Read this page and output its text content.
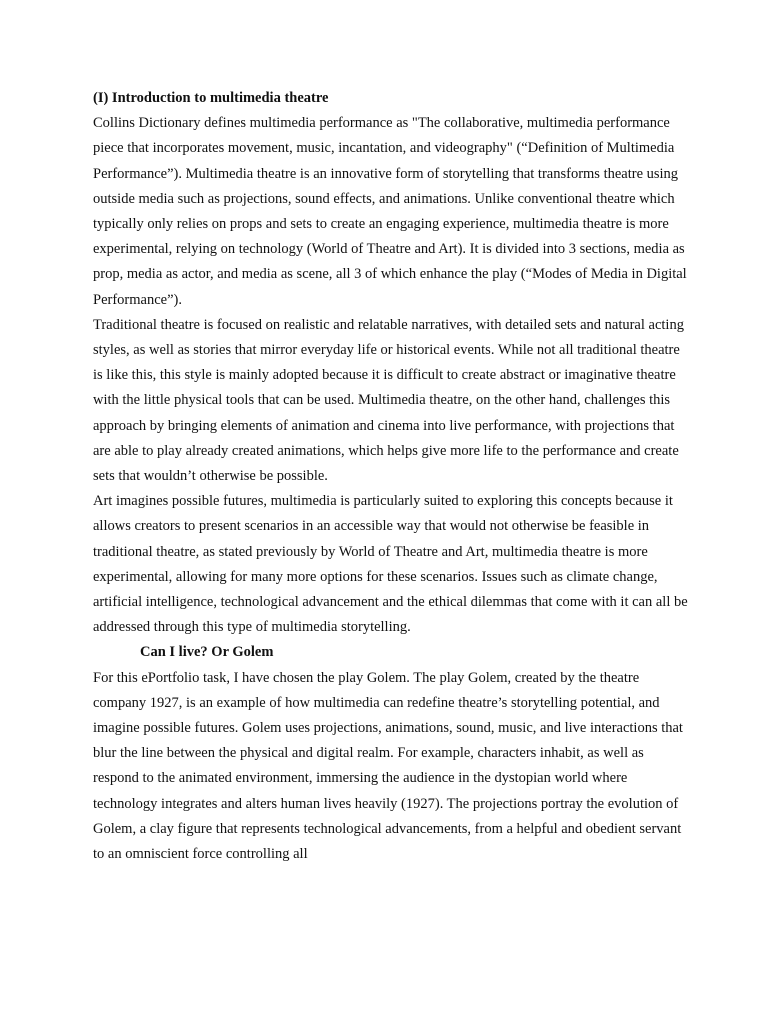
(I) Introduction to multimedia theatre

Collins Dictionary defines multimedia performance as "The collaborative, multimedia performance piece that incorporates movement, music, incantation, and videography" (“Definition of Multimedia Performance”). Multimedia theatre is an innovative form of storytelling that transforms theatre using outside media such as projections, sound effects, and animations. Unlike conventional theatre which typically only relies on props and sets to create an engaging experience, multimedia theatre is more experimental, relying on technology (World of Theatre and Art). It is divided into 3 sections, media as prop, media as actor, and media as scene, all 3 of which enhance the play (“Modes of Media in Digital Performance”).

Traditional theatre is focused on realistic and relatable narratives, with detailed sets and natural acting styles, as well as stories that mirror everyday life or historical events. While not all traditional theatre is like this, this style is mainly adopted because it is difficult to create abstract or imaginative theatre with the little physical tools that can be used. Multimedia theatre, on the other hand, challenges this approach by bringing elements of animation and cinema into live performance, with projections that are able to play already created animations, which helps give more life to the performance and create sets that wouldn’t otherwise be possible.

Art imagines possible futures, multimedia is particularly suited to exploring this concepts because it allows creators to present scenarios in an accessible way that would not otherwise be feasible in traditional theatre, as stated previously by World of Theatre and Art, multimedia theatre is more experimental, allowing for many more options for these scenarios. Issues such as climate change, artificial intelligence, technological advancement and the ethical dilemmas that come with it can all be addressed through this type of multimedia storytelling.

Can I live? Or Golem

For this ePortfolio task, I have chosen the play Golem. The play Golem, created by the theatre company 1927, is an example of how multimedia can redefine theatre’s storytelling potential, and imagine possible futures. Golem uses projections, animations, sound, music, and live interactions that blur the line between the physical and digital realm. For example, characters inhabit, as well as respond to the animated environment, immersing the audience in the dystopian world where technology integrates and alters human lives heavily (1927). The projections portray the evolution of Golem, a clay figure that represents technological advancements, from a helpful and obedient servant to an omniscient force controlling all
